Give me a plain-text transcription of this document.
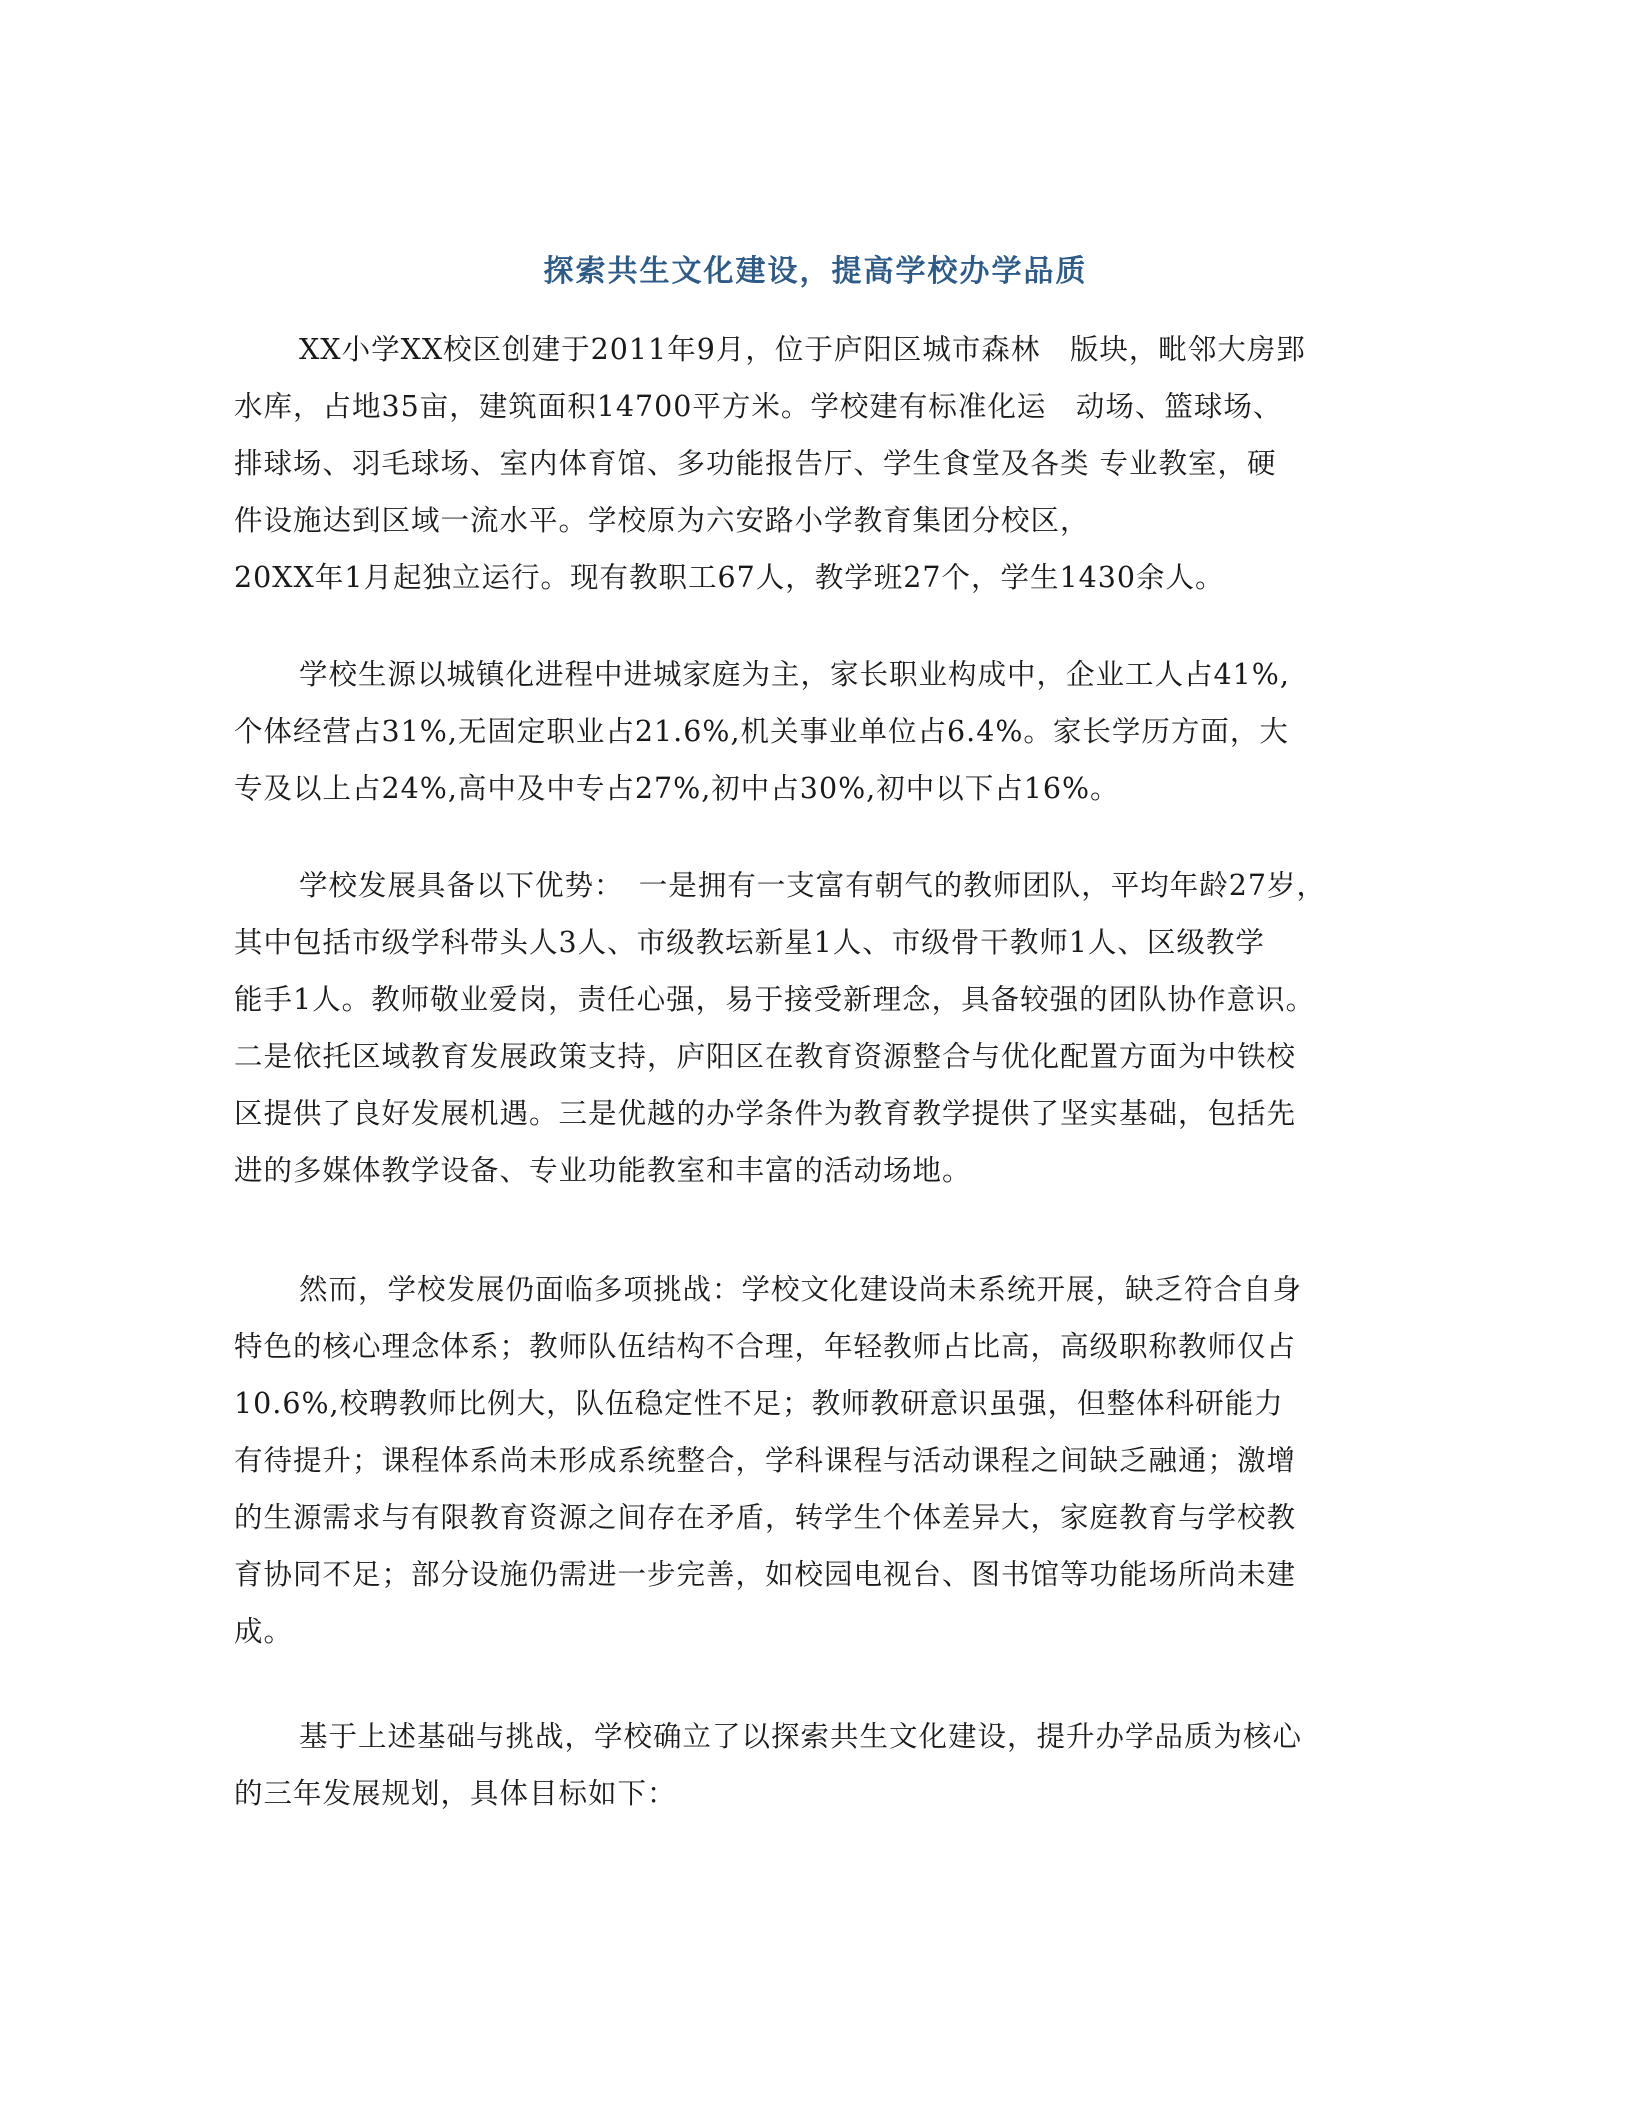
探索共生文化建设，提高学校办学品质

XX小学XX校区创建于2011年9月，位于庐阳区城市森林　版块，毗邻大房郢

水库，占地35亩，建筑面积14700平方米。学校建有标准化运　动场、篮球场、

排球场、羽毛球场、室内体育馆、多功能报告厅、学生食堂及各类 专业教室，硬

件设施达到区域一流水平。学校原为六安路小学教育集团分校区，

20XX年1月起独立运行。现有教职工67人，教学班27个，学生1430余人。

学校生源以城镇化进程中进城家庭为主，家长职业构成中，企业工人占41%,

个体经营占31%,无固定职业占21.6%,机关事业单位占6.4%。家长学历方面，大

专及以上占24%,高中及中专占27%,初中占30%,初中以下占16%。

学校发展具备以下优势：　一是拥有一支富有朝气的教师团队，平均年龄27岁，

其中包括市级学科带头人3人、市级教坛新星1人、市级骨干教师1人、区级教学

能手1人。教师敬业爱岗，责任心强，易于接受新理念，具备较强的团队协作意识。

二是依托区域教育发展政策支持，庐阳区在教育资源整合与优化配置方面为中铁校

区提供了良好发展机遇。三是优越的办学条件为教育教学提供了坚实基础，包括先

进的多媒体教学设备、专业功能教室和丰富的活动场地。

然而，学校发展仍面临多项挑战：学校文化建设尚未系统开展，缺乏符合自身

特色的核心理念体系；教师队伍结构不合理，年轻教师占比高，高级职称教师仅占

10.6%,校聘教师比例大，队伍稳定性不足；教师教研意识虽强，但整体科研能力

有待提升；课程体系尚未形成系统整合，学科课程与活动课程之间缺乏融通；激增

的生源需求与有限教育资源之间存在矛盾，转学生个体差异大，家庭教育与学校教

育协同不足；部分设施仍需进一步完善，如校园电视台、图书馆等功能场所尚未建

成。

基于上述基础与挑战，学校确立了以探索共生文化建设，提升办学品质为核心

的三年发展规划，具体目标如下：
